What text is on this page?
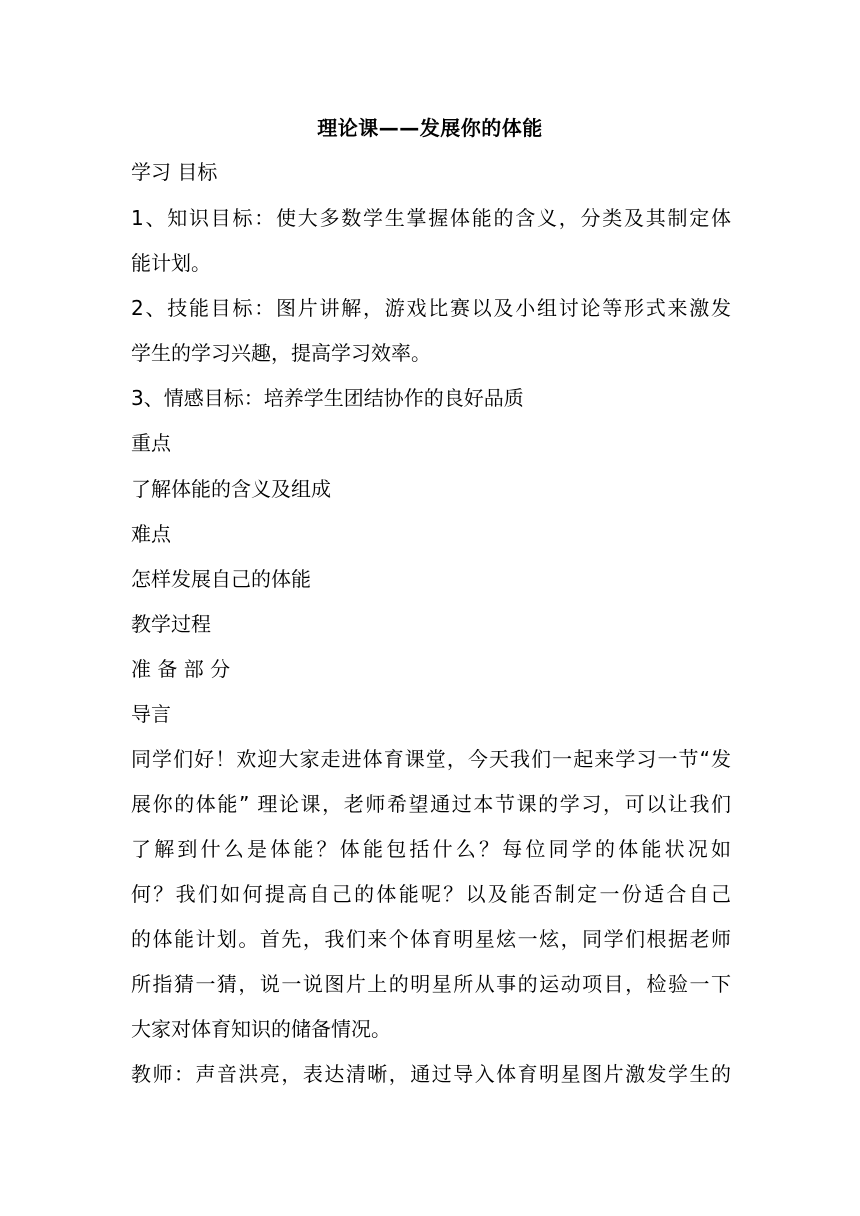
理论课——发展你的体能
学习 目标
1、知识目标：使大多数学生掌握体能的含义，分类及其制定体
能计划。
2、技能目标：图片讲解，游戏比赛以及小组讨论等形式来激发
学生的学习兴趣，提高学习效率。
3、情感目标：培养学生团结协作的良好品质
重点
了解体能的含义及组成
难点
怎样发展自己的体能
教学过程
准 备 部 分
导言
同学们好！欢迎大家走进体育课堂，今天我们一起来学习一节“发
展你的体能” 理论课，老师希望通过本节课的学习，可以让我们
了解到什么是体能？体能包括什么？每位同学的体能状况如
何？我们如何提高自己的体能呢？以及能否制定一份适合自己
的体能计划。首先，我们来个体育明星炫一炫，同学们根据老师
所指猜一猜，说一说图片上的明星所从事的运动项目，检验一下
大家对体育知识的储备情况。
教师：声音洪亮，表达清晰，通过导入体育明星图片激发学生的
